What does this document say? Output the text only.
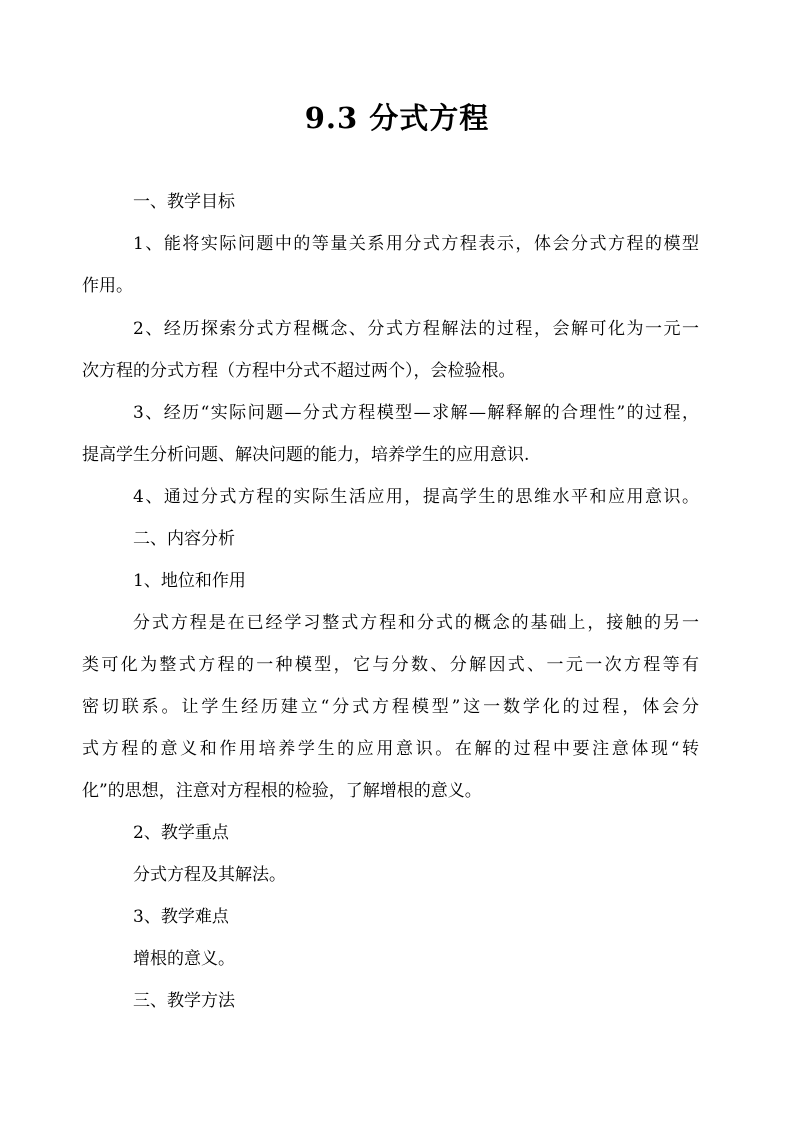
9.3 分式方程
一、教学目标
1、能将实际问题中的等量关系用分式方程表示，体会分式方程的模型
作用。
2、经历探索分式方程概念、分式方程解法的过程，会解可化为一元一
次方程的分式方程（方程中分式不超过两个），会检验根。
3、经历“实际问题—分式方程模型—求解—解释解的合理性”的过程，
提高学生分析问题、解决问题的能力，培养学生的应用意识.
4、通过分式方程的实际生活应用，提高学生的思维水平和应用意识。
二、内容分析
1、地位和作用
分式方程是在已经学习整式方程和分式的概念的基础上，接触的另一
类可化为整式方程的一种模型，它与分数、分解因式、一元一次方程等有
密切联系。让学生经历建立“分式方程模型”这一数学化的过程，体会分
式方程的意义和作用培养学生的应用意识。在解的过程中要注意体现“转
化”的思想，注意对方程根的检验，了解增根的意义。
2、教学重点
分式方程及其解法。
3、教学难点
增根的意义。
三、教学方法
